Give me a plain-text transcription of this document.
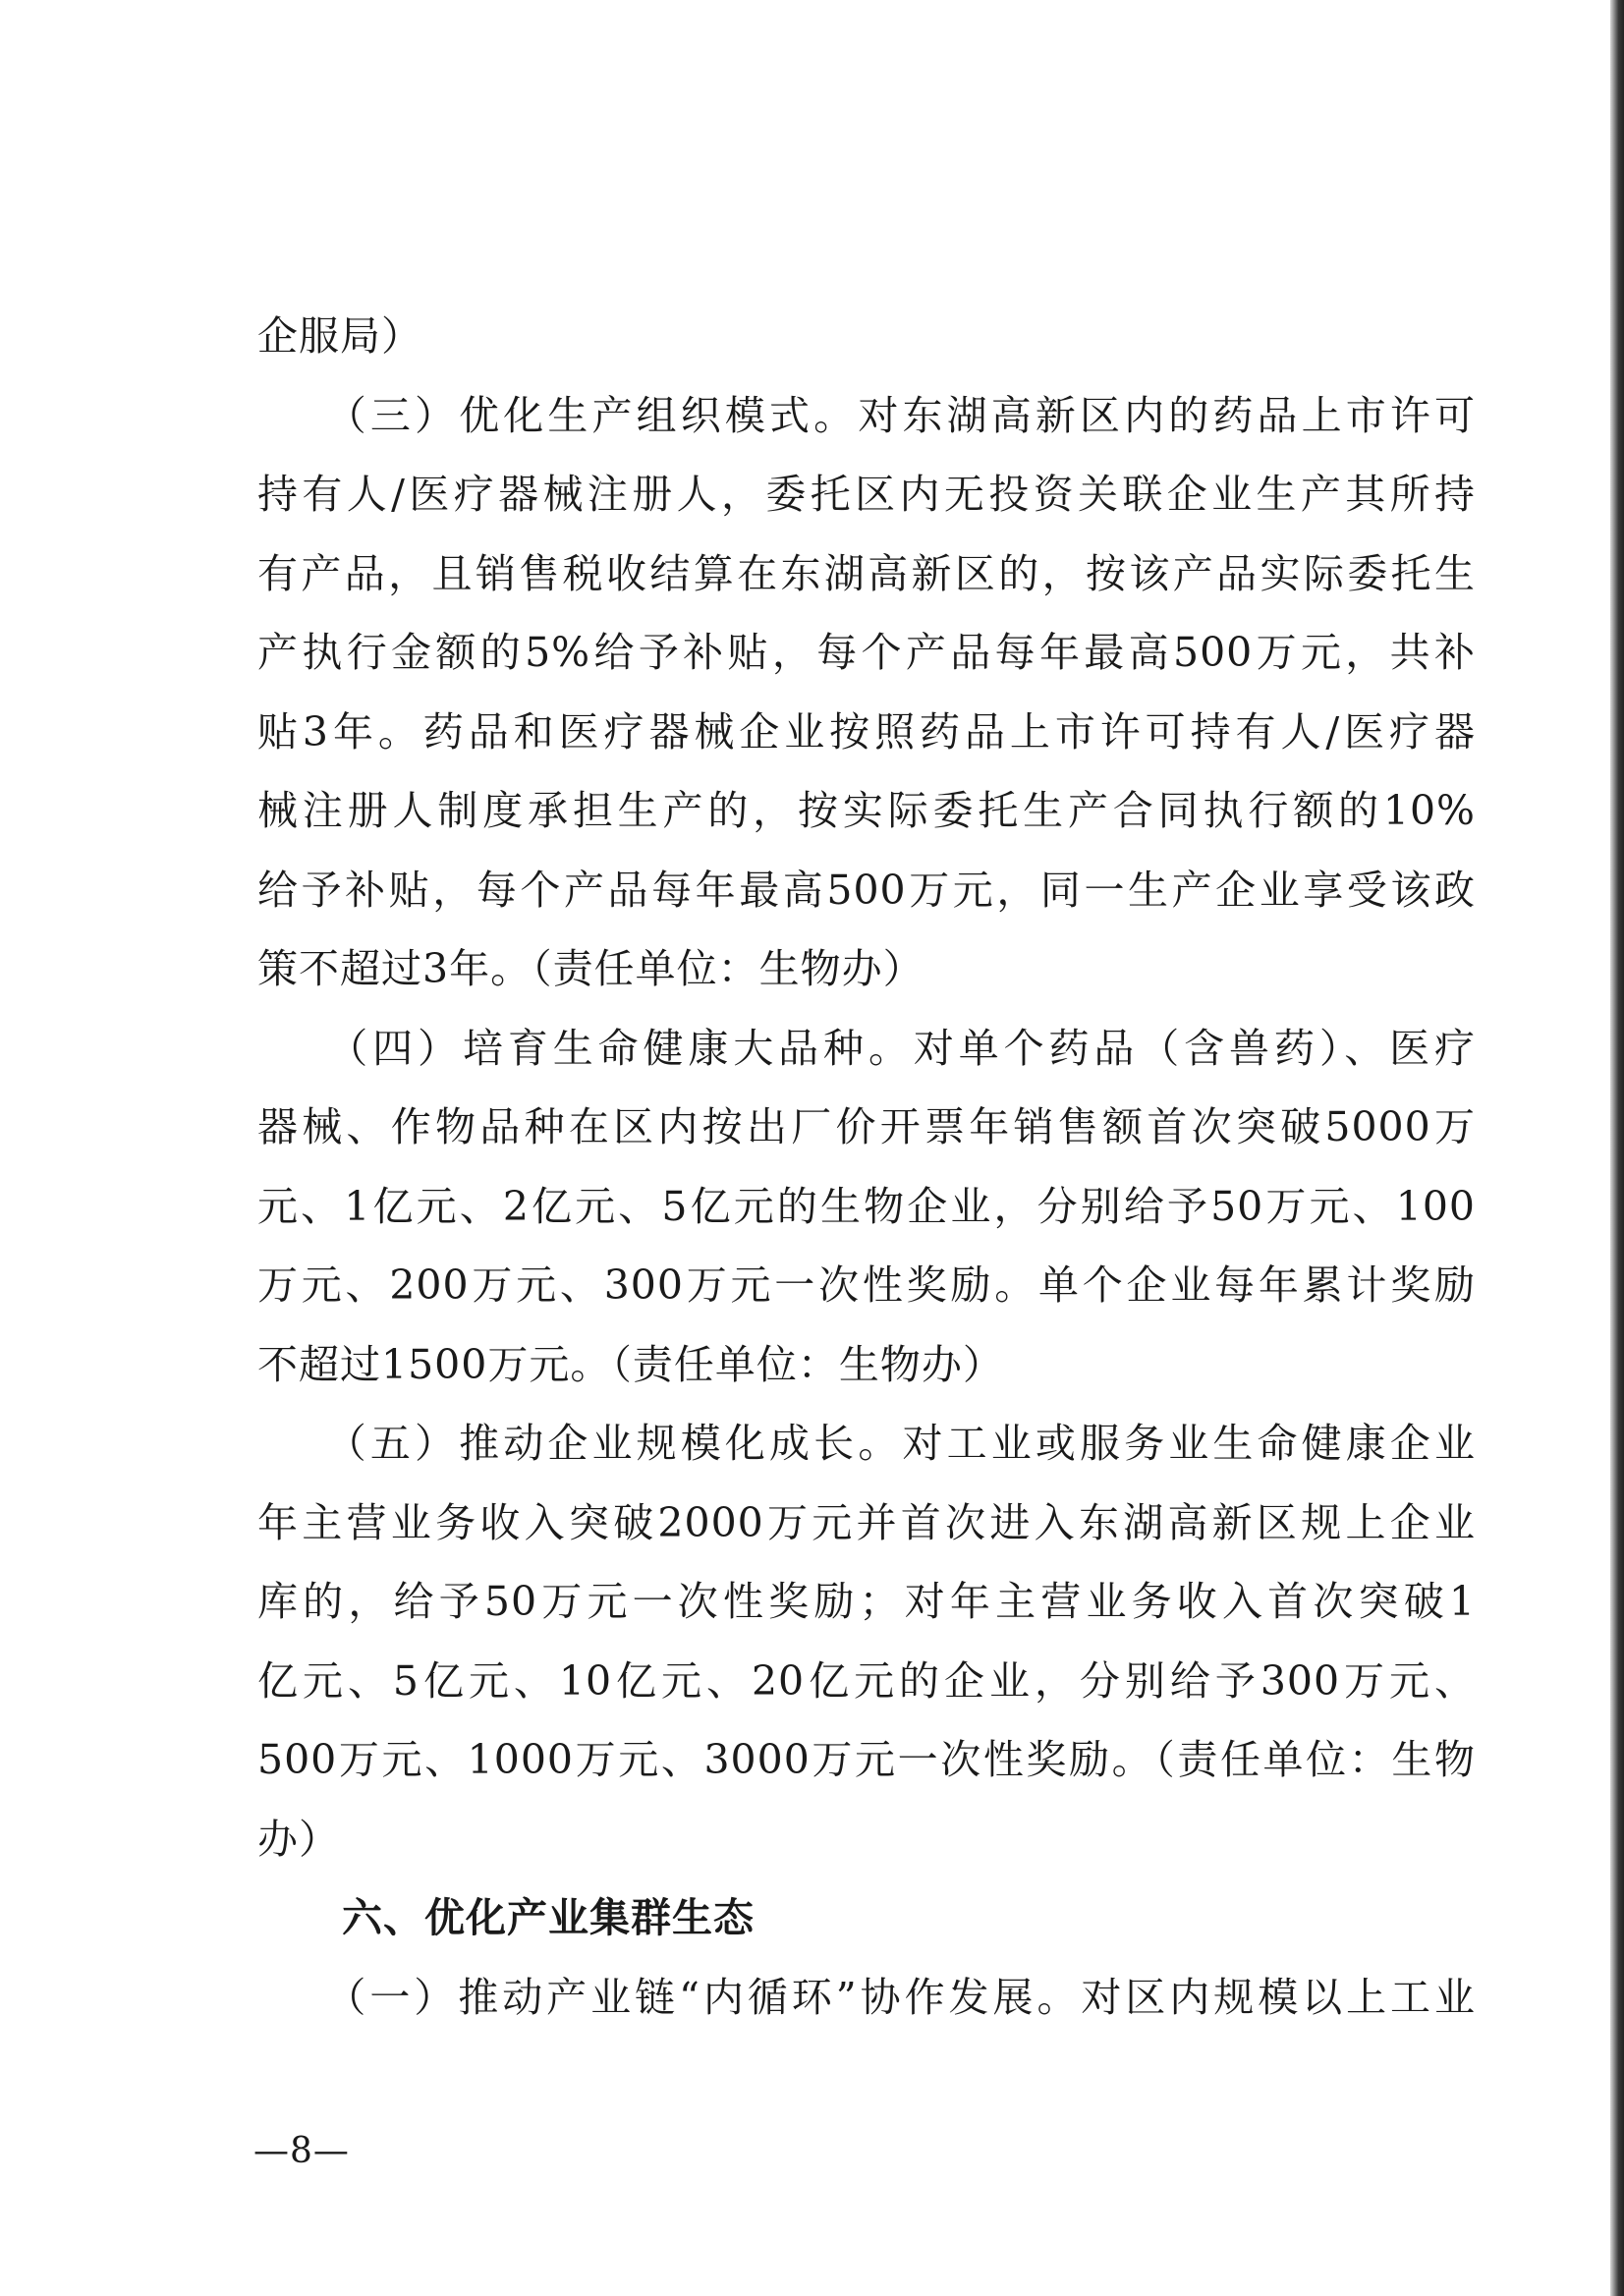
企服局）

　　（三）优化生产组织模式。对东湖高新区内的药品上市许可

持有人/医疗器械注册人，委托区内无投资关联企业生产其所持

有产品，且销售税收结算在东湖高新区的，按该产品实际委托生

产执行金额的5%给予补贴，每个产品每年最高500万元，共补

贴3年。药品和医疗器械企业按照药品上市许可持有人/医疗器

械注册人制度承担生产的，按实际委托生产合同执行额的10%

给予补贴，每个产品每年最高500万元，同一生产企业享受该政

策不超过3年。（责任单位：生物办）

　　（四）培育生命健康大品种。对单个药品（含兽药）、医疗

器械、作物品种在区内按出厂价开票年销售额首次突破5000万

元、1亿元、2亿元、5亿元的生物企业，分别给予50万元、100

万元、200万元、300万元一次性奖励。单个企业每年累计奖励

不超过1500万元。（责任单位：生物办）

　　（五）推动企业规模化成长。对工业或服务业生命健康企业

年主营业务收入突破2000万元并首次进入东湖高新区规上企业

库的，给予50万元一次性奖励；对年主营业务收入首次突破1

亿元、5亿元、10亿元、20亿元的企业，分别给予300万元、

500万元、1000万元、3000万元一次性奖励。（责任单位：生物

办）

六、优化产业集群生态

　　（一）推动产业链“内循环”协作发展。对区内规模以上工业

—8—
